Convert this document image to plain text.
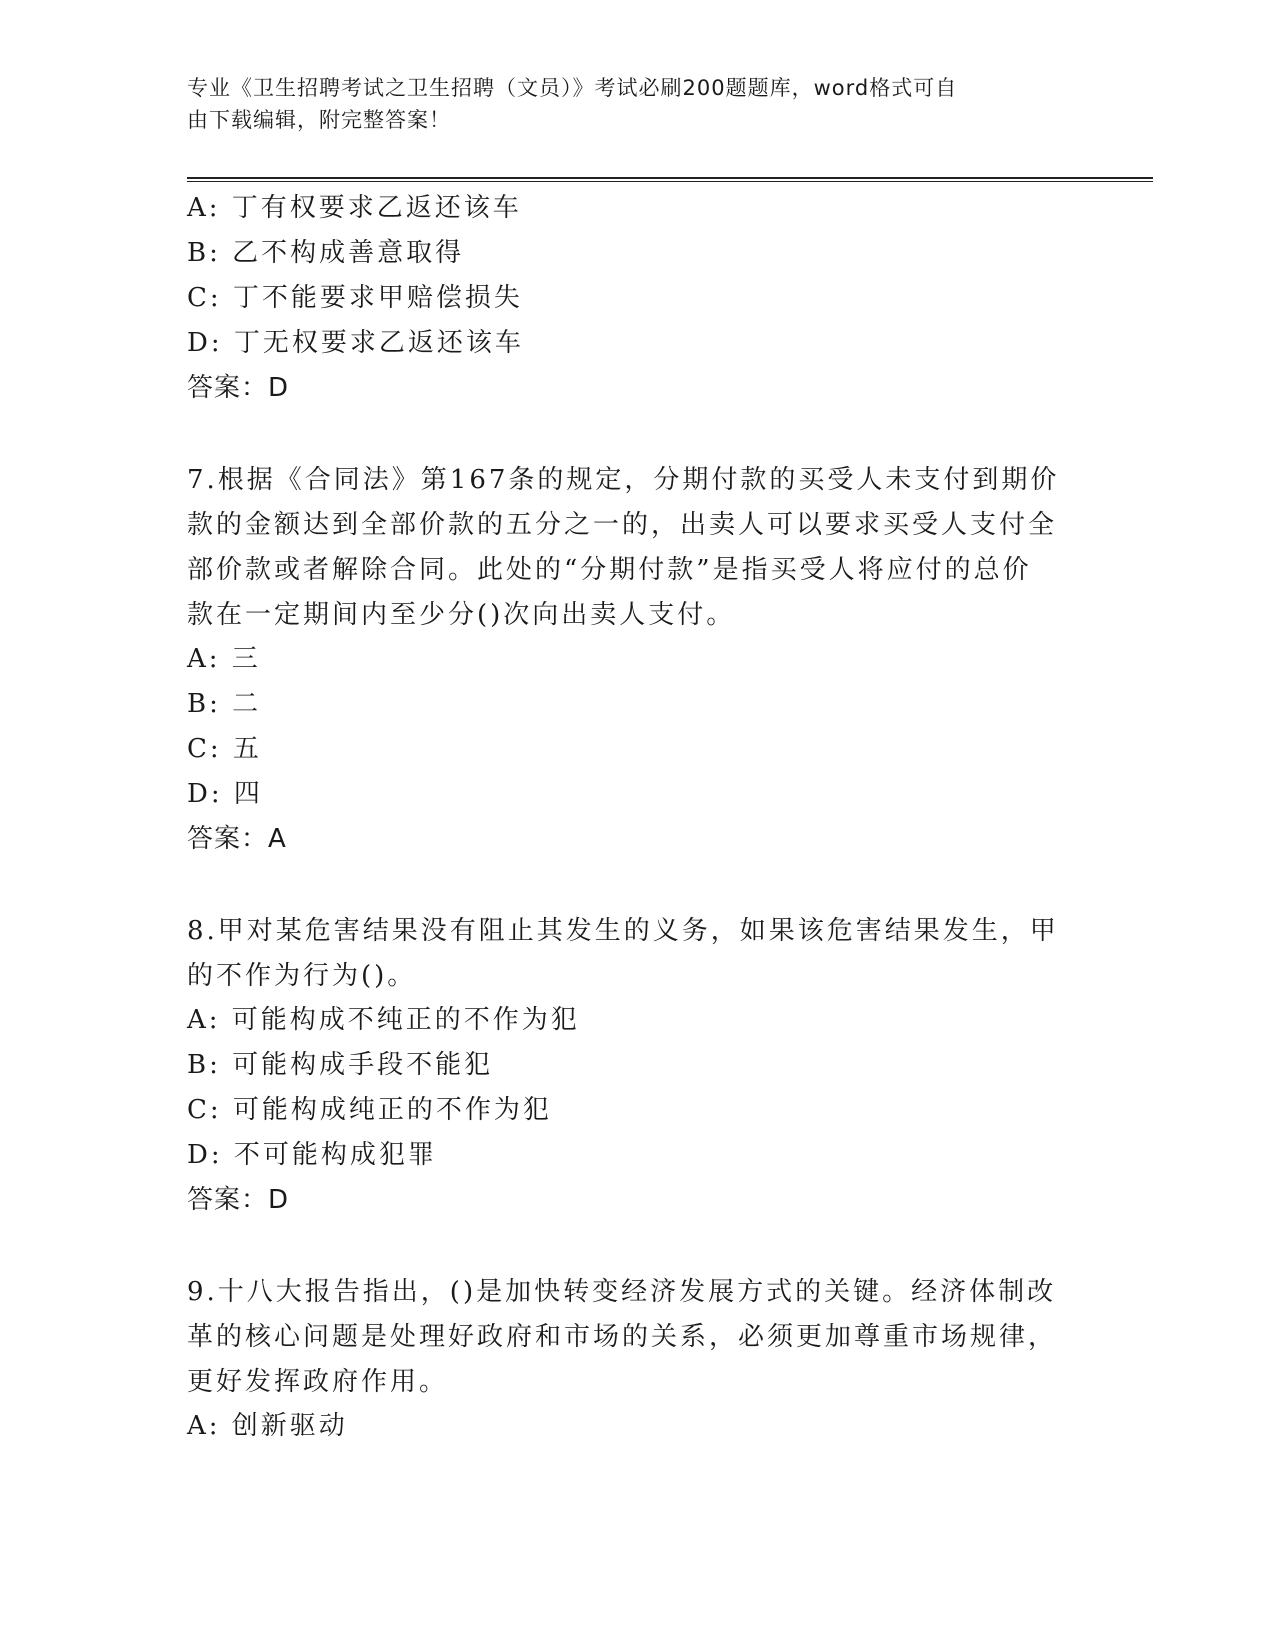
专业《卫生招聘考试之卫生招聘（文员）》考试必刷200题题库，word格式可自
由下载编辑，附完整答案！
A: 丁有权要求乙返还该车
B: 乙不构成善意取得
C: 丁不能要求甲赔偿损失
D: 丁无权要求乙返还该车
答案：D
7.根据《合同法》第167条的规定，分期付款的买受人未支付到期价
款的金额达到全部价款的五分之一的，出卖人可以要求买受人支付全
部价款或者解除合同。此处的“分期付款”是指买受人将应付的总价
款在一定期间内至少分()次向出卖人支付。
A: 三
B: 二
C: 五
D: 四
答案：A
8.甲对某危害结果没有阻止其发生的义务，如果该危害结果发生，甲
的不作为行为()。
A: 可能构成不纯正的不作为犯
B: 可能构成手段不能犯
C: 可能构成纯正的不作为犯
D: 不可能构成犯罪
答案：D
9.十八大报告指出，()是加快转变经济发展方式的关键。经济体制改
革的核心问题是处理好政府和市场的关系，必须更加尊重市场规律，
更好发挥政府作用。
A: 创新驱动
